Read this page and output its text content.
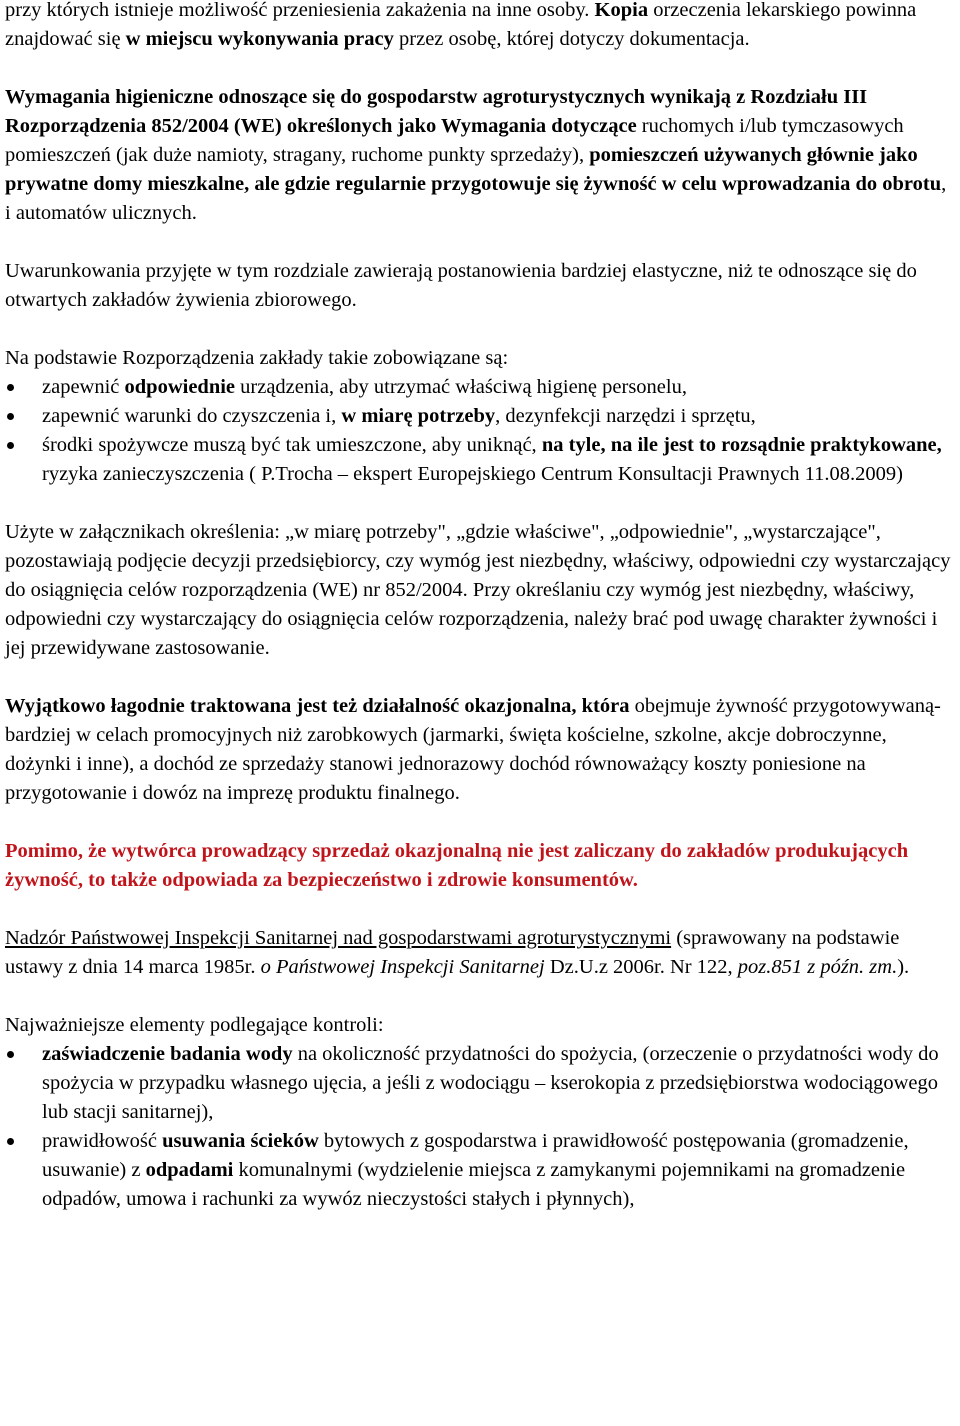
przy których istnieje możliwość przeniesienia zakażenia na inne osoby. Kopia orzeczenia lekarskiego powinna znajdować się w miejscu wykonywania pracy przez osobę, której dotyczy dokumentacja.

Wymagania higieniczne odnoszące się do gospodarstw agroturystycznych wynikają z Rozdziału III Rozporządzenia 852/2004 (WE) określonych jako Wymagania dotyczące ruchomych i/lub tymczasowych pomieszczeń (jak duże namioty, stragany, ruchome punkty sprzedaży), pomieszczeń używanych głównie jako prywatne domy mieszkalne, ale gdzie regularnie przygotowuje się żywność w celu wprowadzania do obrotu, i automatów ulicznych.

Uwarunkowania przyjęte w tym rozdziale zawierają postanowienia bardziej elastyczne, niż te odnoszące się do otwartych zakładów żywienia zbiorowego.

Na podstawie Rozporządzenia zakłady takie zobowiązane są:

zapewnić odpowiednie urządzenia, aby utrzymać właściwą higienę personelu,
zapewnić warunki do czyszczenia i, w miarę potrzeby, dezynfekcji narzędzi i sprzętu,
środki spożywcze muszą być tak umieszczone, aby uniknąć, na tyle, na ile jest to rozsądnie praktykowane, ryzyka zanieczyszczenia ( P.Trocha – ekspert Europejskiego Centrum Konsultacji Prawnych 11.08.2009)

Użyte w załącznikach określenia: „w miarę potrzeby", „gdzie właściwe", „odpowiednie", „wystarczające", pozostawiają podjęcie decyzji przedsiębiorcy, czy wymóg jest niezbędny, właściwy, odpowiedni czy wystarczający do osiągnięcia celów rozporządzenia (WE) nr 852/2004. Przy określaniu czy wymóg jest niezbędny, właściwy, odpowiedni czy wystarczający do osiągnięcia celów rozporządzenia, należy brać pod uwagę charakter żywności i jej przewidywane zastosowanie.

Wyjątkowo łagodnie traktowana jest też działalność okazjonalna, która obejmuje żywność przygotowywaną- bardziej w celach promocyjnych niż zarobkowych (jarmarki, święta kościelne, szkolne, akcje dobroczynne, dożynki i inne), a dochód ze sprzedaży stanowi jednorazowy dochód równoważący koszty poniesione na przygotowanie i dowóz na imprezę produktu finalnego.

Pomimo, że wytwórca prowadzący sprzedaż okazjonalną nie jest zaliczany do zakładów produkujących żywność, to także odpowiada za bezpieczeństwo i zdrowie konsumentów.

Nadzór Państwowej Inspekcji Sanitarnej nad gospodarstwami agroturystycznymi (sprawowany na podstawie ustawy z dnia 14 marca 1985r. o Państwowej Inspekcji Sanitarnej Dz.U.z 2006r. Nr 122, poz.851 z późn. zm.).

Najważniejsze elementy podlegające kontroli:

zaświadczenie badania wody na okoliczność przydatności do spożycia, (orzeczenie o przydatności wody do spożycia w przypadku własnego ujęcia, a jeśli z wodociągu – kserokopia z przedsiębiorstwa wodociągowego lub stacji sanitarnej),
prawidłowość usuwania ścieków bytowych z gospodarstwa i prawidłowość postępowania (gromadzenie, usuwanie) z odpadami komunalnymi (wydzielenie miejsca z zamykanymi pojemnikami na gromadzenie odpadów, umowa i rachunki za wywóz nieczystości stałych i płynnych),
